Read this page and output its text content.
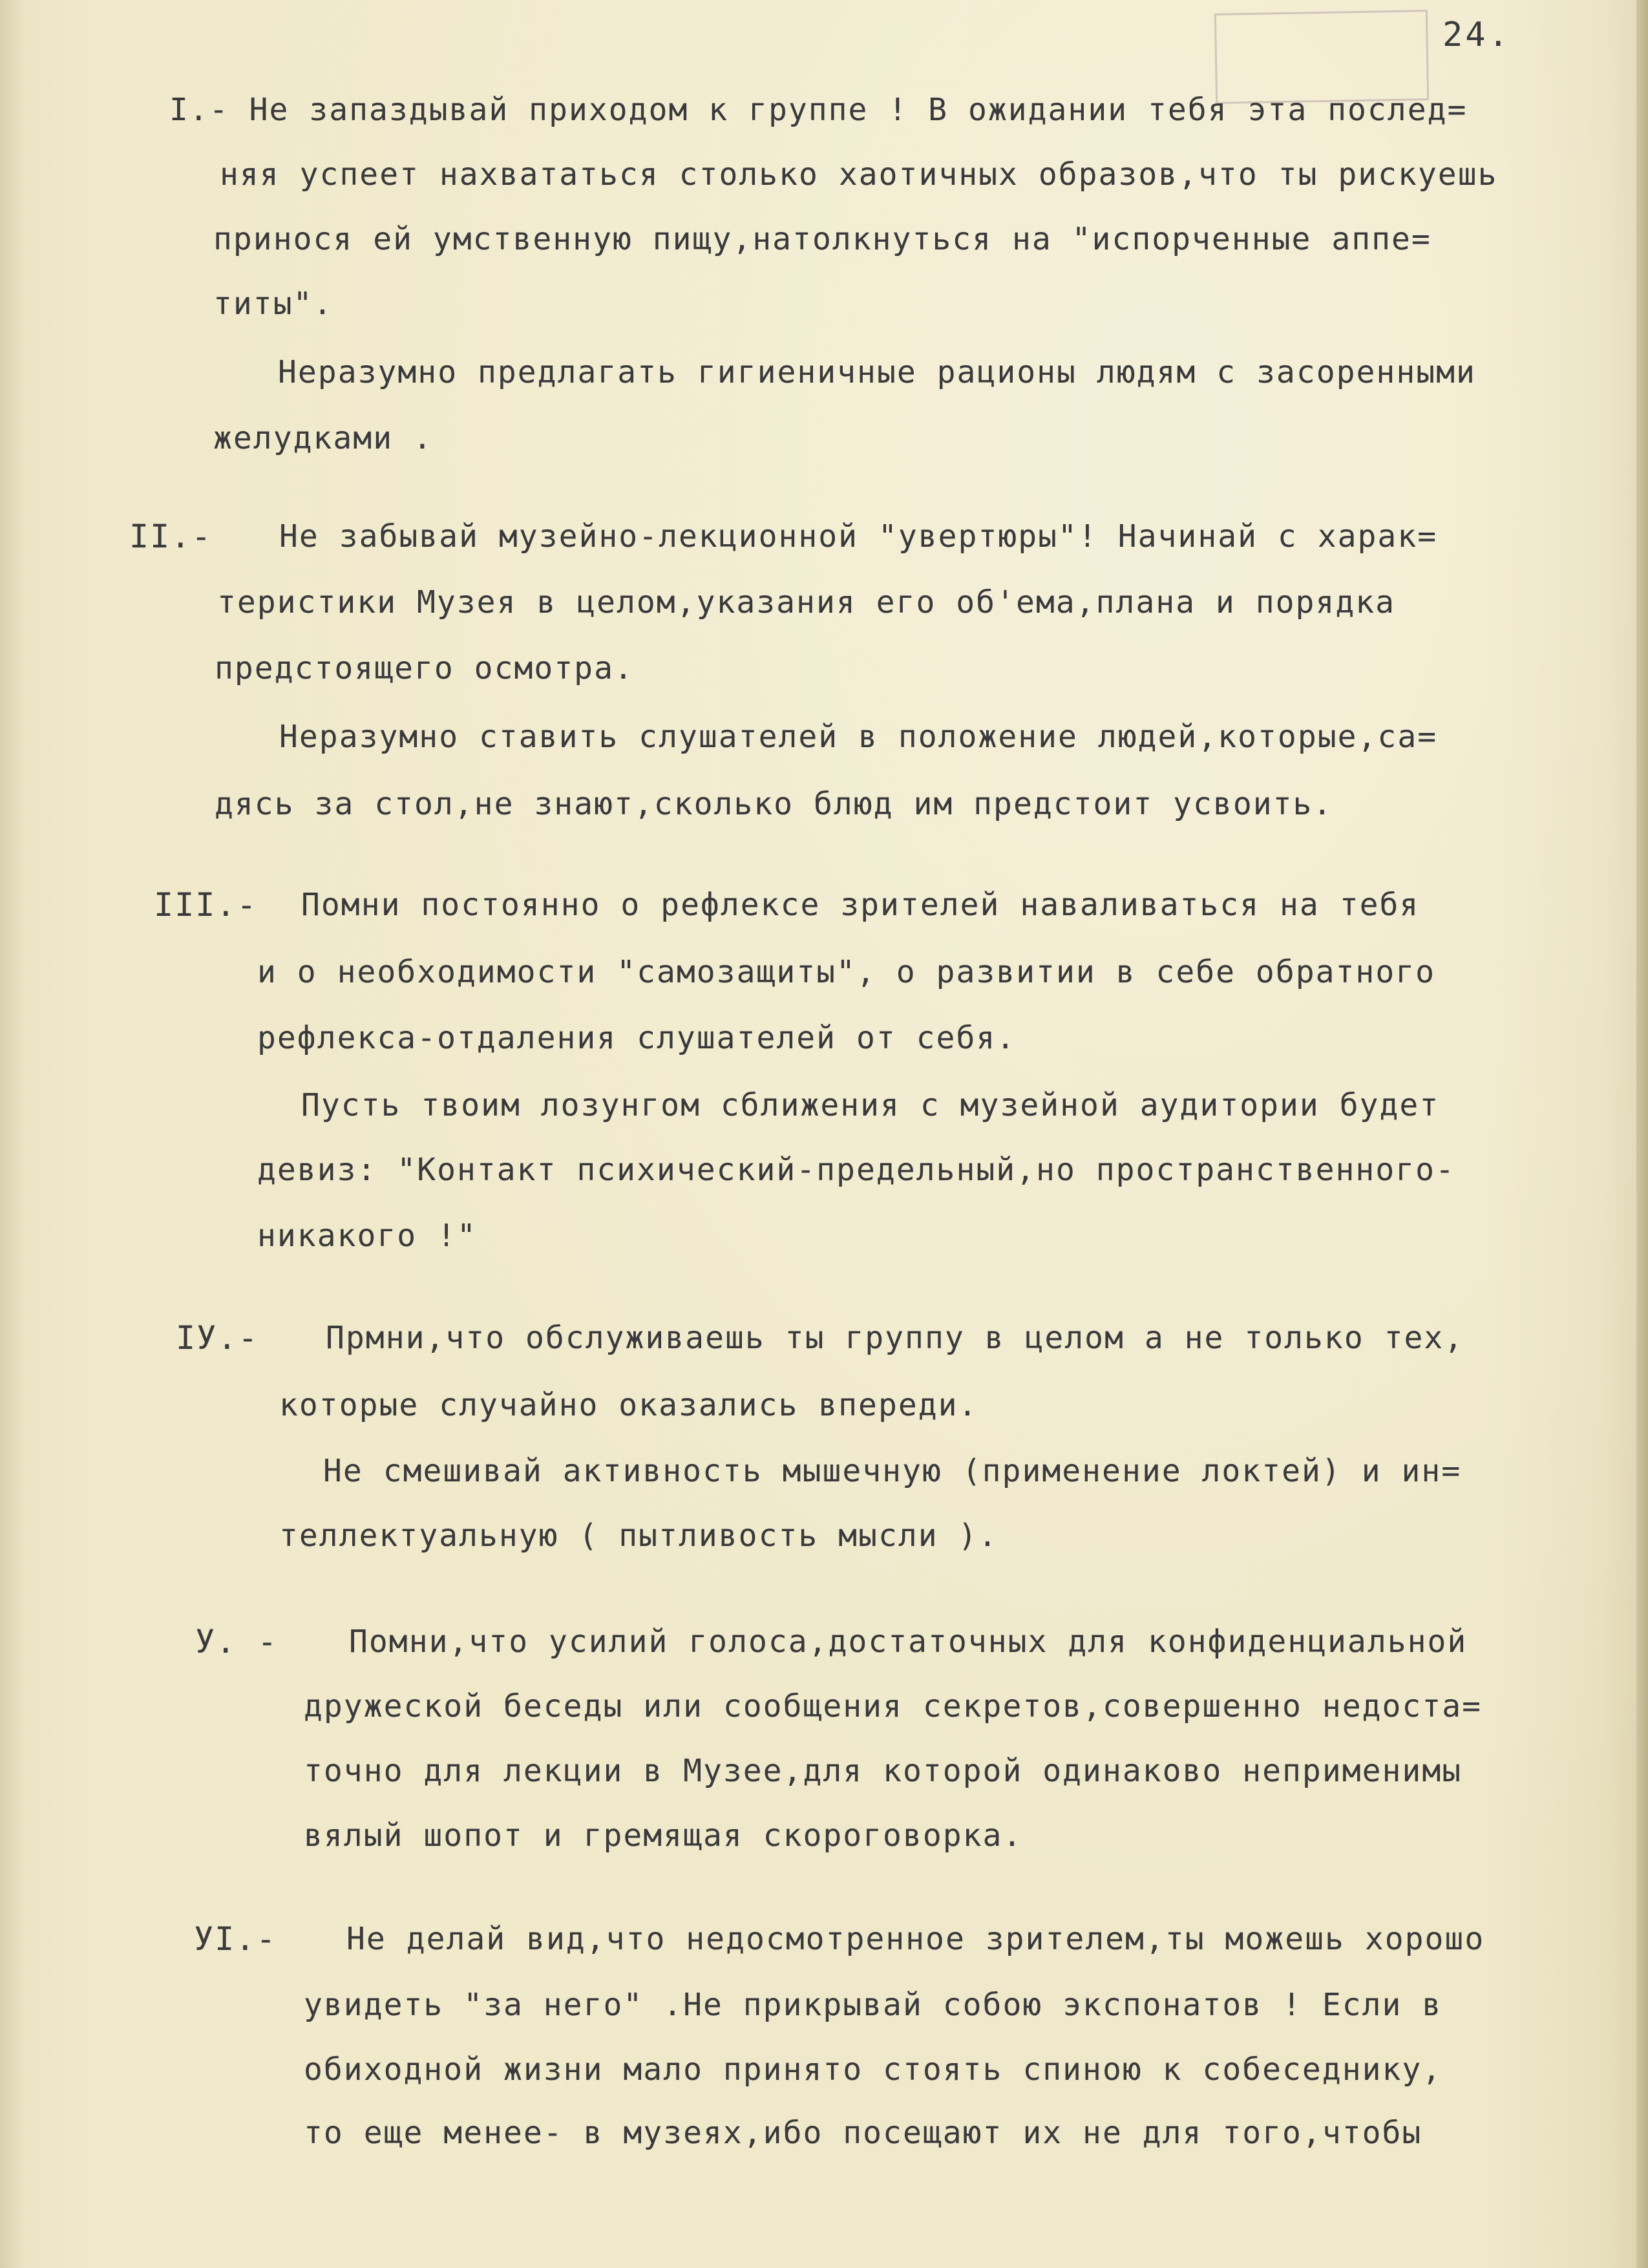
24.
I.- Не запаздывай приходом к группе ! В ожидании тебя эта послед=
няя успеет нахвататься столько хаотичных образов,что ты рискуешь
принося ей умственную пищу,натолкнуться на "испорченные аппе=
титы".
Неразумно предлагать гигиеничные рационы людям с засоренными
желудками .
II.- Не забывай музейно-лекционной "увертюры"! Начинай с харак=
теристики Музея в целом,указания его об'ема,плана и порядка
предстоящего осмотра.
Неразумно ставить слушателей в положение людей,которые,са=
дясь за стол,не знают,сколько блюд им предстоит усвоить.
III.- Помни постоянно о рефлексе зрителей наваливаться на тебя
и о необходимости "самозащиты", о развитии в себе обратного
рефлекса-отдаления слушателей от себя.
Пусть твоим лозунгом сближения с музейной аудитории будет
девиз: "Контакт психический-предельный,но пространственного-
никакого !"
IУ.- Прмни,что обслуживаешь ты группу в целом а не только тех,
которые случайно оказались впереди.
Не смешивай активность мышечную (применение локтей) и ин=
теллектуальную ( пытливость мысли ).
У. - Помни,что усилий голоса,достаточных для конфиденциальной
дружеской беседы или сообщения секретов,совершенно недоста=
точно для лекции в Музее,для которой одинаково неприменимы
вялый шопот и гремящая скороговорка.
УI.- Не делай вид,что недосмотренное зрителем,ты можешь хорошо
увидеть "за него" .Не прикрывай собою экспонатов ! Если в
обиходной жизни мало принято стоять спиною к собеседнику,
то еще менее- в музеях,ибо посещают их не для того,чтобы
